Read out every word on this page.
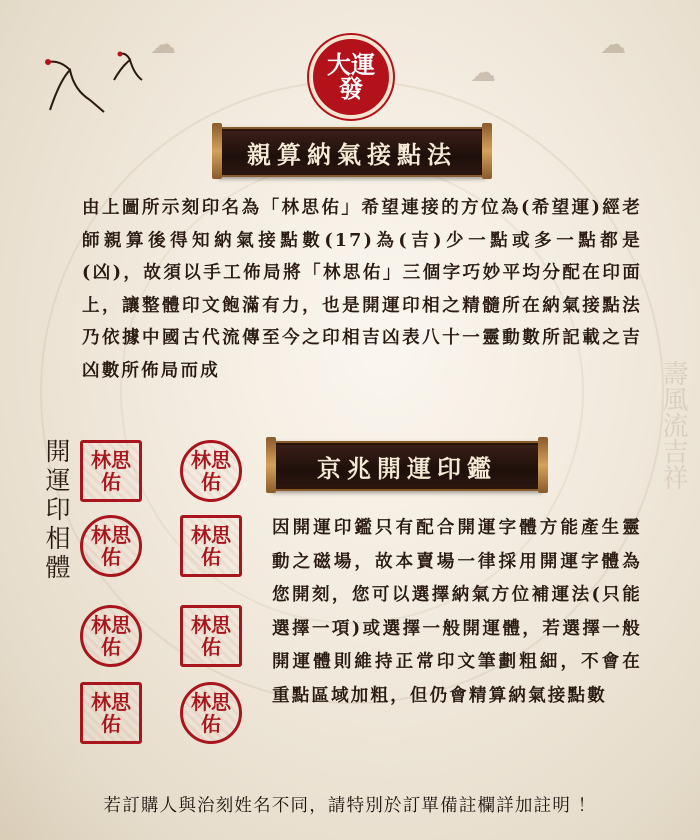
壽風流吉祥
☁
☁
☁
大運發
親算納氣接點法
由上圖所示刻印名為「林思佑」希望連接的方位為(希望運)經老師親算後得知納氣接點數(17)為(吉)少一點或多一點都是(凶)，故須以手工佈局將「林思佑」三個字巧妙平均分配在印面上，讓整體印文飽滿有力，也是開運印相之精髓所在納氣接點法乃依據中國古代流傳至今之印相吉凶表八十一靈動數所記載之吉凶數所佈局而成
開運印相體 林思佑
林思佑
林思佑
林思佑
林思佑
林思佑
林思佑
林思佑
京兆開運印鑑
因開運印鑑只有配合開運字體方能產生靈動之磁場，故本賣場一律採用開運字體為您開刻，您可以選擇納氣方位補運法(只能選擇一項)或選擇一般開運體，若選擇一般開運體則維持正常印文筆劃粗細，不會在重點區域加粗，但仍會精算納氣接點數
若訂購人與治刻姓名不同，請特別於訂單備註欄詳加註明 ！
